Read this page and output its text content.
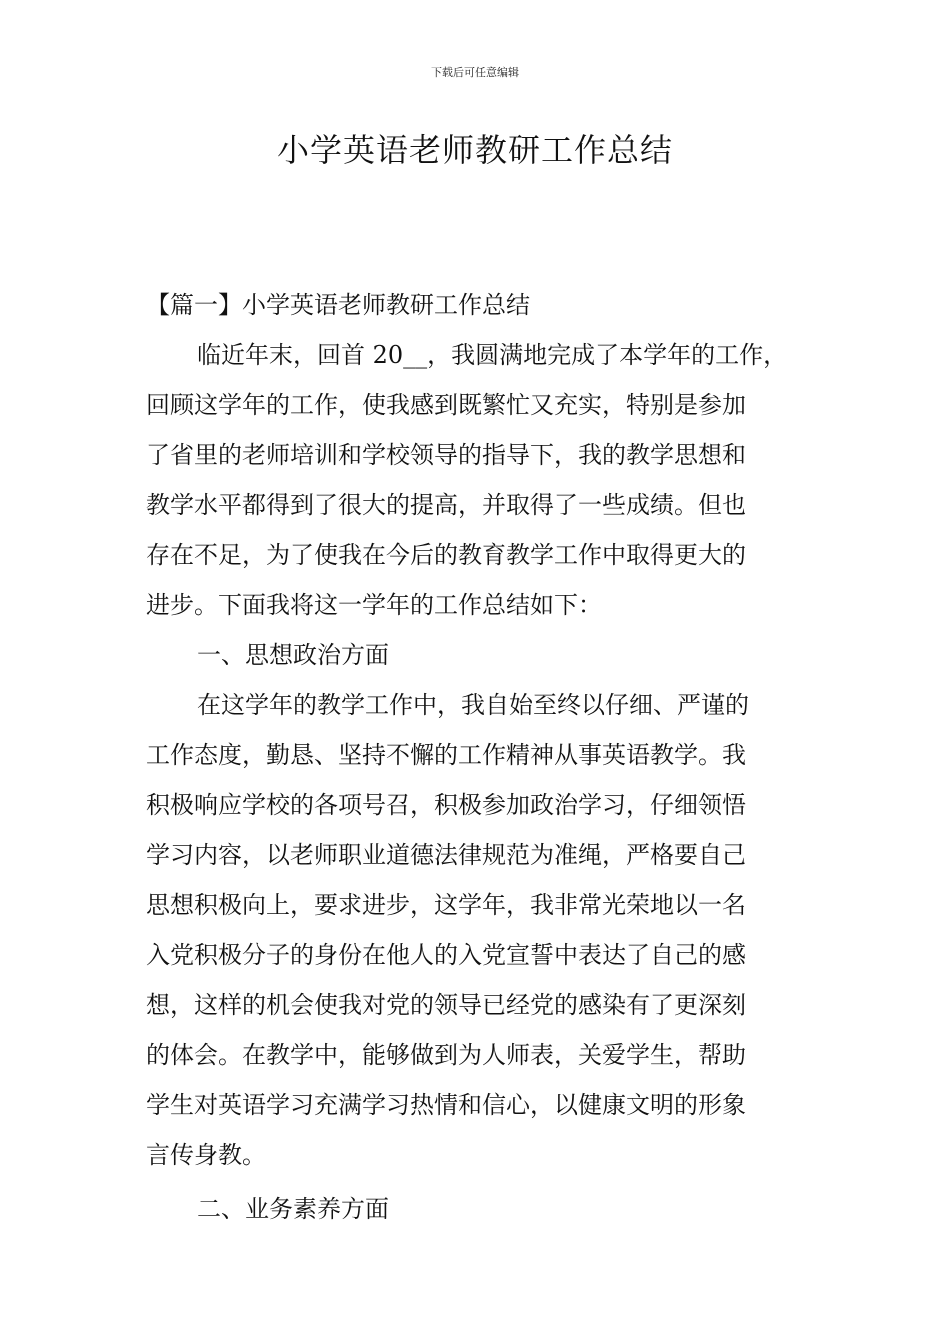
下载后可任意编辑
小学英语老师教研工作总结
【篇一】小学英语老师教研工作总结
临近年末，回首 20__，我圆满地完成了本学年的工作，
回顾这学年的工作，使我感到既繁忙又充实，特别是参加
了省里的老师培训和学校领导的指导下，我的教学思想和
教学水平都得到了很大的提高，并取得了一些成绩。但也
存在不足，为了使我在今后的教育教学工作中取得更大的
进步。下面我将这一学年的工作总结如下：
一、思想政治方面
在这学年的教学工作中，我自始至终以仔细、严谨的
工作态度，勤恳、坚持不懈的工作精神从事英语教学。我
积极响应学校的各项号召，积极参加政治学习，仔细领悟
学习内容，以老师职业道德法律规范为准绳，严格要自己
思想积极向上，要求进步，这学年，我非常光荣地以一名
入党积极分子的身份在他人的入党宣誓中表达了自己的感
想，这样的机会使我对党的领导已经党的感染有了更深刻
的体会。在教学中，能够做到为人师表，关爱学生，帮助
学生对英语学习充满学习热情和信心，以健康文明的形象
言传身教。
二、业务素养方面
